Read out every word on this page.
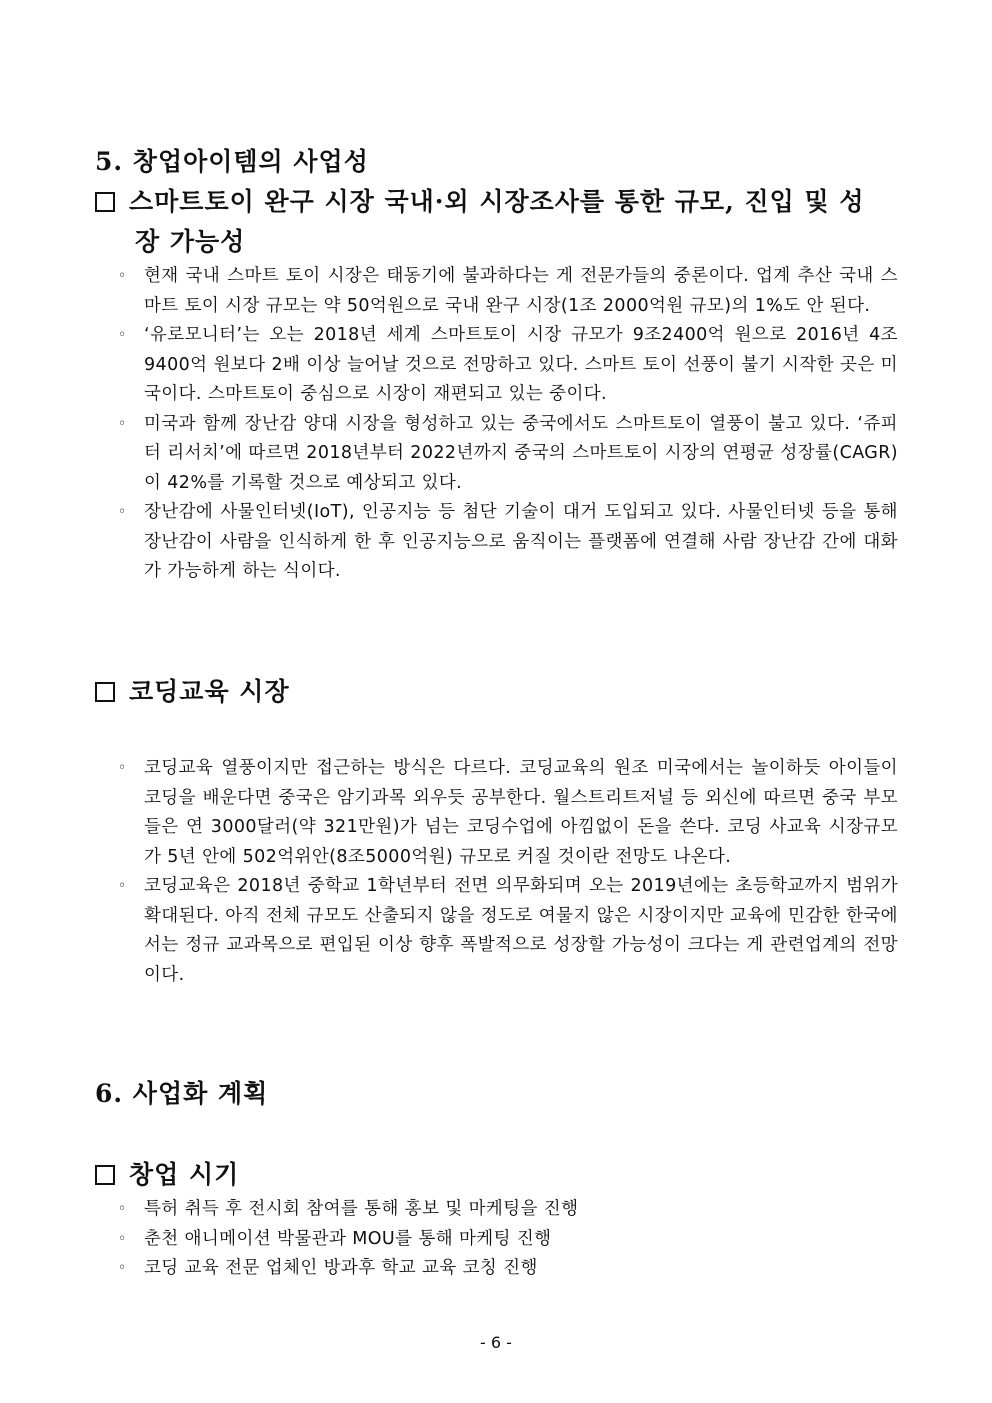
5. 창업아이템의 사업성
스마트토이 완구 시장 국내·외 시장조사를 통한 규모, 진입 및 성
장 가능성
◦ 현재 국내 스마트 토이 시장은 태동기에 불과하다는 게 전문가들의 중론이다. 업계 추산 국내 스마트 토이 시장 규모는 약 50억원으로 국내 완구 시장(1조 2000억원 규모)의 1%도 안 된다.
◦ ‘유로모니터’는 오는 2018년 세계 스마트토이 시장 규모가 9조2400억 원으로 2016년 4조9400억 원보다 2배 이상 늘어날 것으로 전망하고 있다. 스마트 토이 선풍이 불기 시작한 곳은 미국이다. 스마트토이 중심으로 시장이 재편되고 있는 중이다.
◦ 미국과 함께 장난감 양대 시장을 형성하고 있는 중국에서도 스마트토이 열풍이 불고 있다. ‘쥬피터 리서치’에 따르면 2018년부터 2022년까지 중국의 스마트토이 시장의 연평균 성장률(CAGR)이 42%를 기록할 것으로 예상되고 있다.
◦ 장난감에 사물인터넷(IoT), 인공지능 등 첨단 기술이 대거 도입되고 있다. 사물인터넷 등을 통해 장난감이 사람을 인식하게 한 후 인공지능으로 움직이는 플랫폼에 연결해 사람 장난감 간에 대화가 가능하게 하는 식이다.
코딩교육 시장
◦ 코딩교육 열풍이지만 접근하는 방식은 다르다. 코딩교육의 원조 미국에서는 놀이하듯 아이들이 코딩을 배운다면 중국은 암기과목 외우듯 공부한다. 월스트리트저널 등 외신에 따르면 중국 부모들은 연 3000달러(약 321만원)가 넘는 코딩수업에 아낌없이 돈을 쓴다. 코딩 사교육 시장규모가 5년 안에 502억위안(8조5000억원) 규모로 커질 것이란 전망도 나온다.
◦ 코딩교육은 2018년 중학교 1학년부터 전면 의무화되며 오는 2019년에는 초등학교까지 범위가 확대된다. 아직 전체 규모도 산출되지 않을 정도로 여물지 않은 시장이지만 교육에 민감한 한국에서는 정규 교과목으로 편입된 이상 향후 폭발적으로 성장할 가능성이 크다는 게 관련업계의 전망이다.
6. 사업화 계획
창업 시기
◦ 특허 취득 후 전시회 참여를 통해 홍보 및 마케팅을 진행
◦ 춘천 애니메이션 박물관과 MOU를 통해 마케팅 진행
◦ 코딩 교육 전문 업체인 방과후 학교 교육 코칭 진행
- 6 -
